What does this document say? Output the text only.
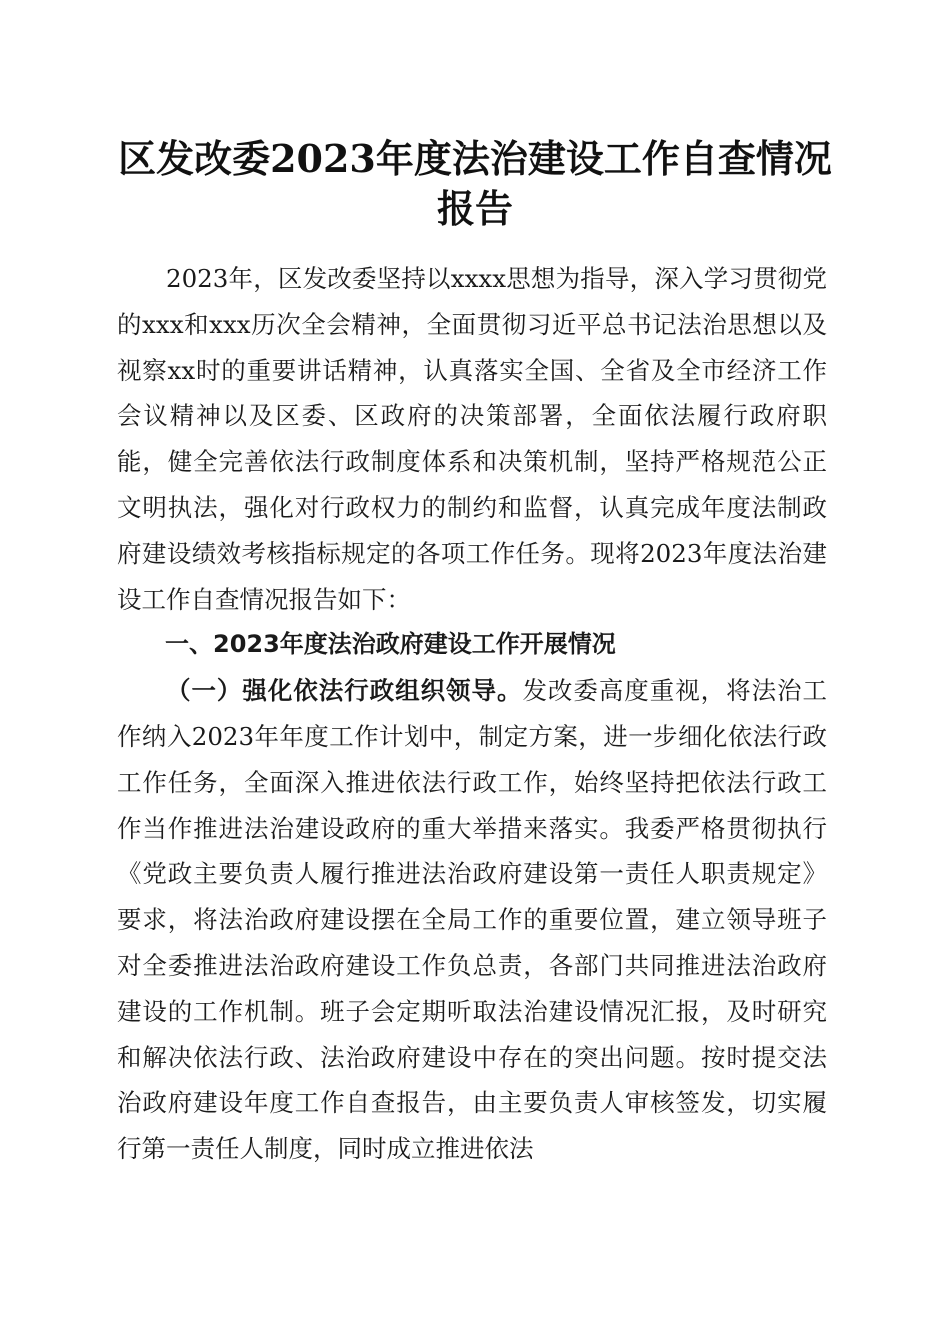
区发改委2023年度法治建设工作自查情况报告

2023年，区发改委坚持以xxxx思想为指导，深入学习贯彻党的xxx和xxx历次全会精神，全面贯彻习近平总书记法治思想以及视察xx时的重要讲话精神，认真落实全国、全省及全市经济工作会议精神以及区委、区政府的决策部署，全面依法履行政府职能，健全完善依法行政制度体系和决策机制，坚持严格规范公正文明执法，强化对行政权力的制约和监督，认真完成年度法制政府建设绩效考核指标规定的各项工作任务。现将2023年度法治建设工作自查情况报告如下：

一、2023年度法治政府建设工作开展情况

（一）强化依法行政组织领导。发改委高度重视，将法治工作纳入2023年年度工作计划中，制定方案，进一步细化依法行政工作任务，全面深入推进依法行政工作，始终坚持把依法行政工作当作推进法治建设政府的重大举措来落实。我委严格贯彻执行《党政主要负责人履行推进法治政府建设第一责任人职责规定》要求，将法治政府建设摆在全局工作的重要位置，建立领导班子对全委推进法治政府建设工作负总责，各部门共同推进法治政府建设的工作机制。班子会定期听取法治建设情况汇报，及时研究和解决依法行政、法治政府建设中存在的突出问题。按时提交法治政府建设年度工作自查报告，由主要负责人审核签发，切实履行第一责任人制度，同时成立推进依法
